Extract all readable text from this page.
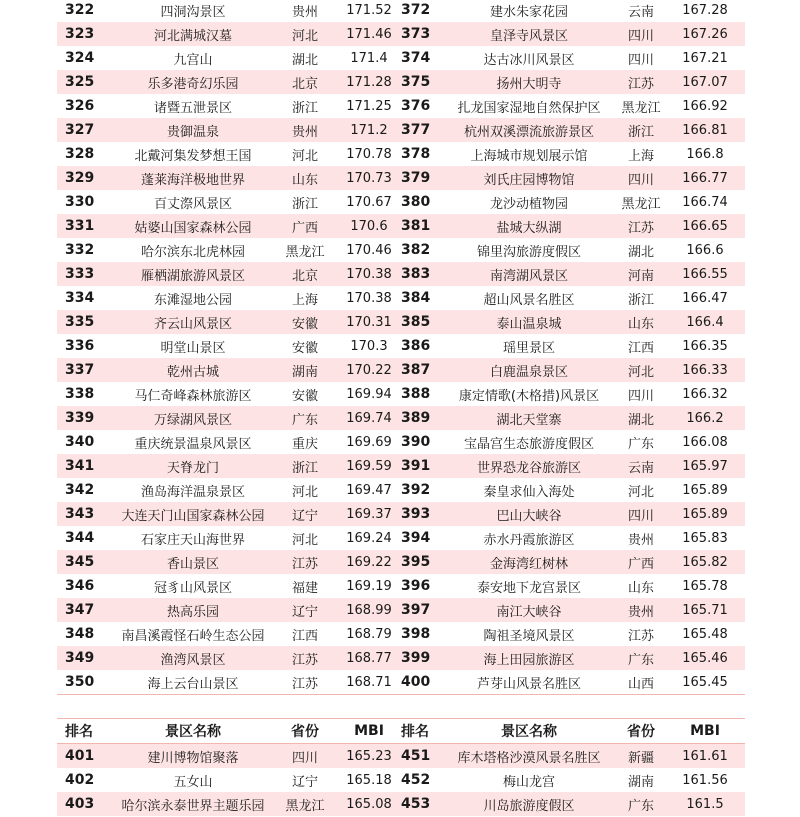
322	四洞沟景区	贵州	171.52 372	建水朱家花园	云南	167.28
323	河北满城汉墓	河北	171.46 373	皇泽寺风景区	四川	167.26
324	九宫山	湖北	171.4 374	达古冰川风景区	四川	167.21
325	乐多港奇幻乐园	北京	171.28 375	扬州大明寺	江苏	167.07
326	诸暨五泄景区	浙江	171.25 376	扎龙国家湿地自然保护区	黑龙江	166.92
327	贵御温泉	贵州	171.2 377	杭州双溪漂流旅游景区	浙江	166.81
328	北戴河集发梦想王国	河北	170.78 378	上海城市规划展示馆	上海	166.8
329	蓬莱海洋极地世界	山东	170.73 379	刘氏庄园博物馆	四川	166.77
330	百丈漈风景区	浙江	170.67 380	龙沙动植物园	黑龙江	166.74
331	姑婆山国家森林公园	广西	170.6 381	盐城大纵湖	江苏	166.65
332	哈尔滨东北虎林园	黑龙江	170.46 382	锦里沟旅游度假区	湖北	166.6
333	雁栖湖旅游风景区	北京	170.38 383	南湾湖风景区	河南	166.55
334	东滩湿地公园	上海	170.38 384	超山风景名胜区	浙江	166.47
335	齐云山风景区	安徽	170.31 385	泰山温泉城	山东	166.4
336	明堂山景区	安徽	170.3 386	瑶里景区	江西	166.35
337	乾州古城	湖南	170.22 387	白鹿温泉景区	河北	166.33
338	马仁奇峰森林旅游区	安徽	169.94 388	康定情歌(木格措)风景区	四川	166.32
339	万绿湖风景区	广东	169.74 389	湖北天堂寨	湖北	166.2
340	重庆统景温泉风景区	重庆	169.69 390	宝晶宫生态旅游度假区	广东	166.08
341	天脊龙门	浙江	169.59 391	世界恐龙谷旅游区	云南	165.97
342	渔岛海洋温泉景区	河北	169.47 392	秦皇求仙入海处	河北	165.89
343	大连天门山国家森林公园	辽宁	169.37 393	巴山大峡谷	四川	165.89
344	石家庄天山海世界	河北	169.24 394	赤水丹霞旅游区	贵州	165.83
345	香山景区	江苏	169.22 395	金海湾红树林	广西	165.82
346	冠豸山风景区	福建	169.19 396	泰安地下龙宫景区	山东	165.78
347	热高乐园	辽宁	168.99 397	南江大峡谷	贵州	165.71
348	南昌溪霞怪石岭生态公园	江西	168.79 398	陶祖圣境风景区	江苏	165.48
349	渔湾风景区	江苏	168.77 399	海上田园旅游区	广东	165.46
350	海上云台山景区	江苏	168.71 400	芦芽山风景名胜区	山西	165.45
排名	景区名称	省份	MBI	排名	景区名称	省份	MBI
401	建川博物馆聚落	四川	165.23 451	库木塔格沙漠风景名胜区	新疆	161.61
402	五女山	辽宁	165.18 452	梅山龙宫	湖南	161.56
403	哈尔滨永泰世界主题乐园	黑龙江	165.08 453	川岛旅游度假区	广东	161.5
